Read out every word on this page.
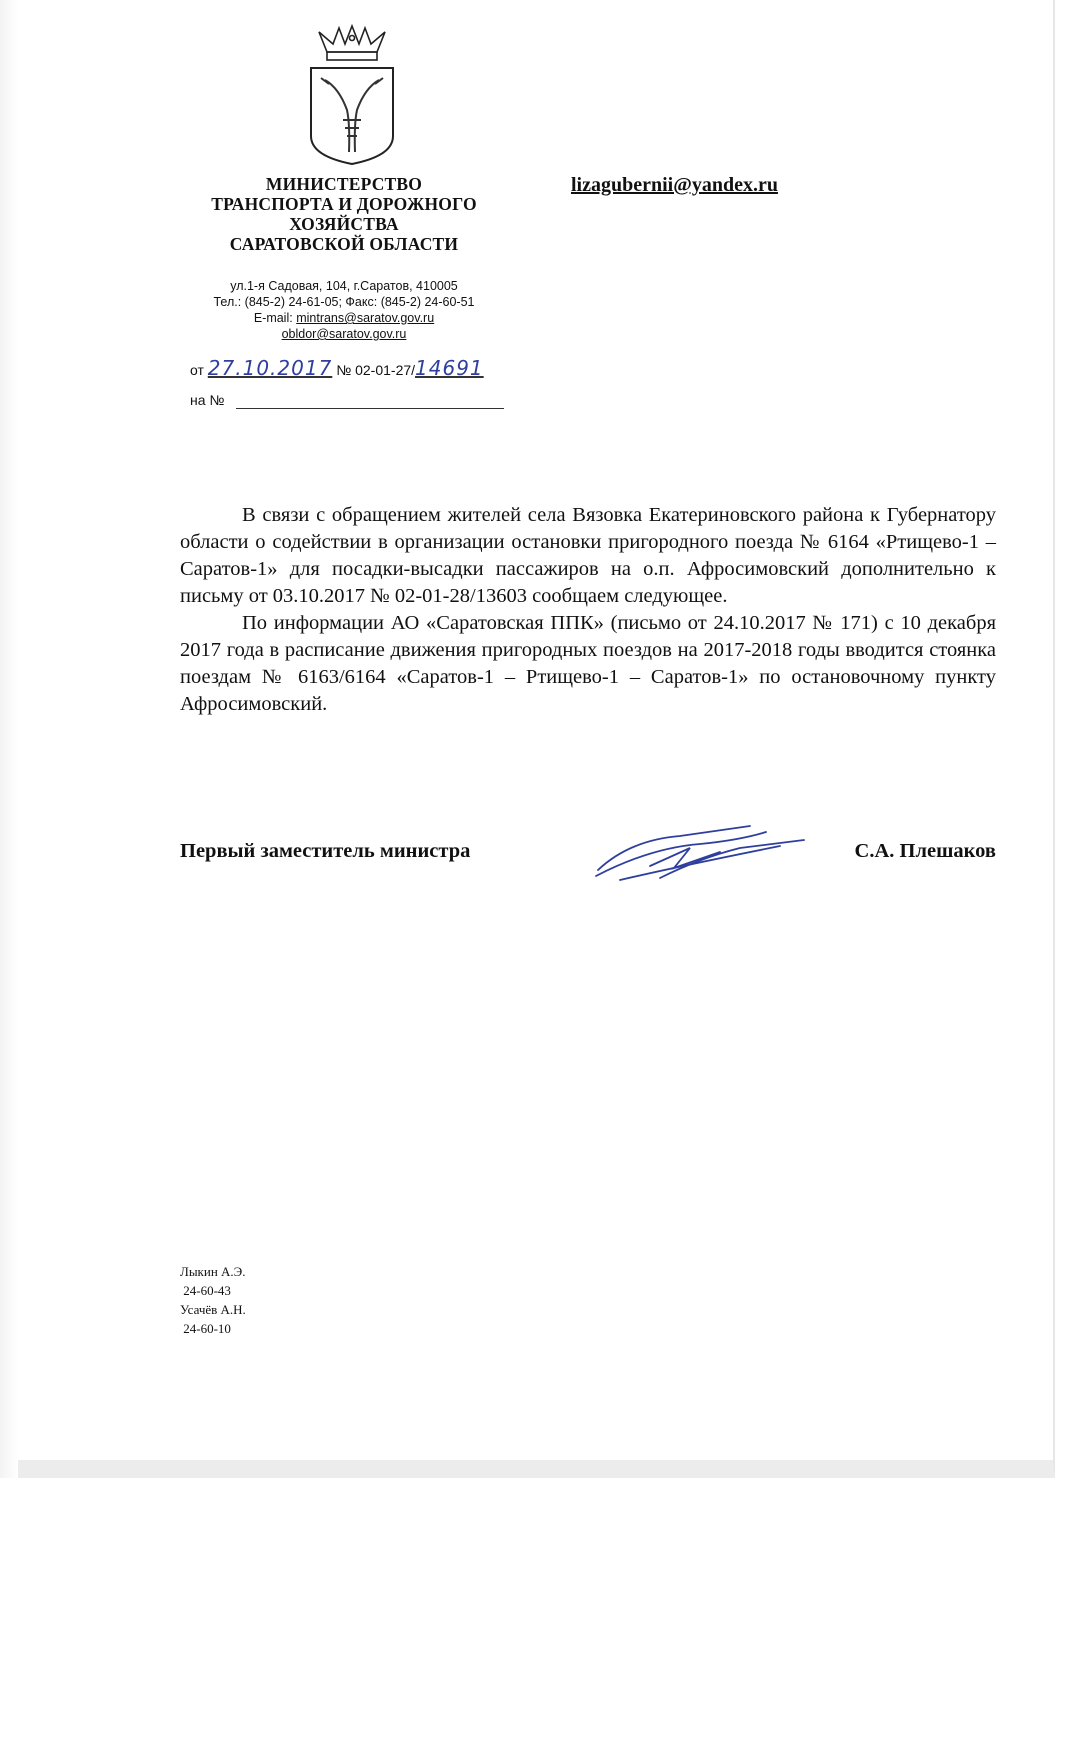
МИНИСТЕРСТВО
ТРАНСПОРТА И ДОРОЖНОГО
ХОЗЯЙСТВА
САРАТОВСКОЙ ОБЛАСТИ
ул.1-я Садовая, 104, г.Саратов, 410005
Тел.: (845-2) 24-61-05; Факс: (845-2) 24-60-51
E-mail: mintrans@saratov.gov.ru
obldor@saratov.gov.ru
от 27.10.2017 № 02-01-27/14691
на №
lizagubernii@yandex.ru

В связи с обращением жителей села Вязовка Екатериновского района к Губернатору области о содействии в организации остановки пригородного поезда № 6164 «Ртищево-1 – Саратов-1» для посадки-высадки пассажиров на о.п. Афросимовский дополнительно к письму от 03.10.2017 № 02-01-28/13603 сообщаем следующее.

По информации АО «Саратовская ППК» (письмо от 24.10.2017 № 171) с 10 декабря 2017 года в расписание движения пригородных поездов на 2017-2018 годы вводится стоянка поездам № 6163/6164 «Саратов-1 – Ртищево-1 – Саратов-1» по остановочному пункту Афросимовский.

Первый заместитель министра	С.А. Плешаков
Лыкин А.Э.
24-60-43
Усачёв А.Н.
24-60-10
